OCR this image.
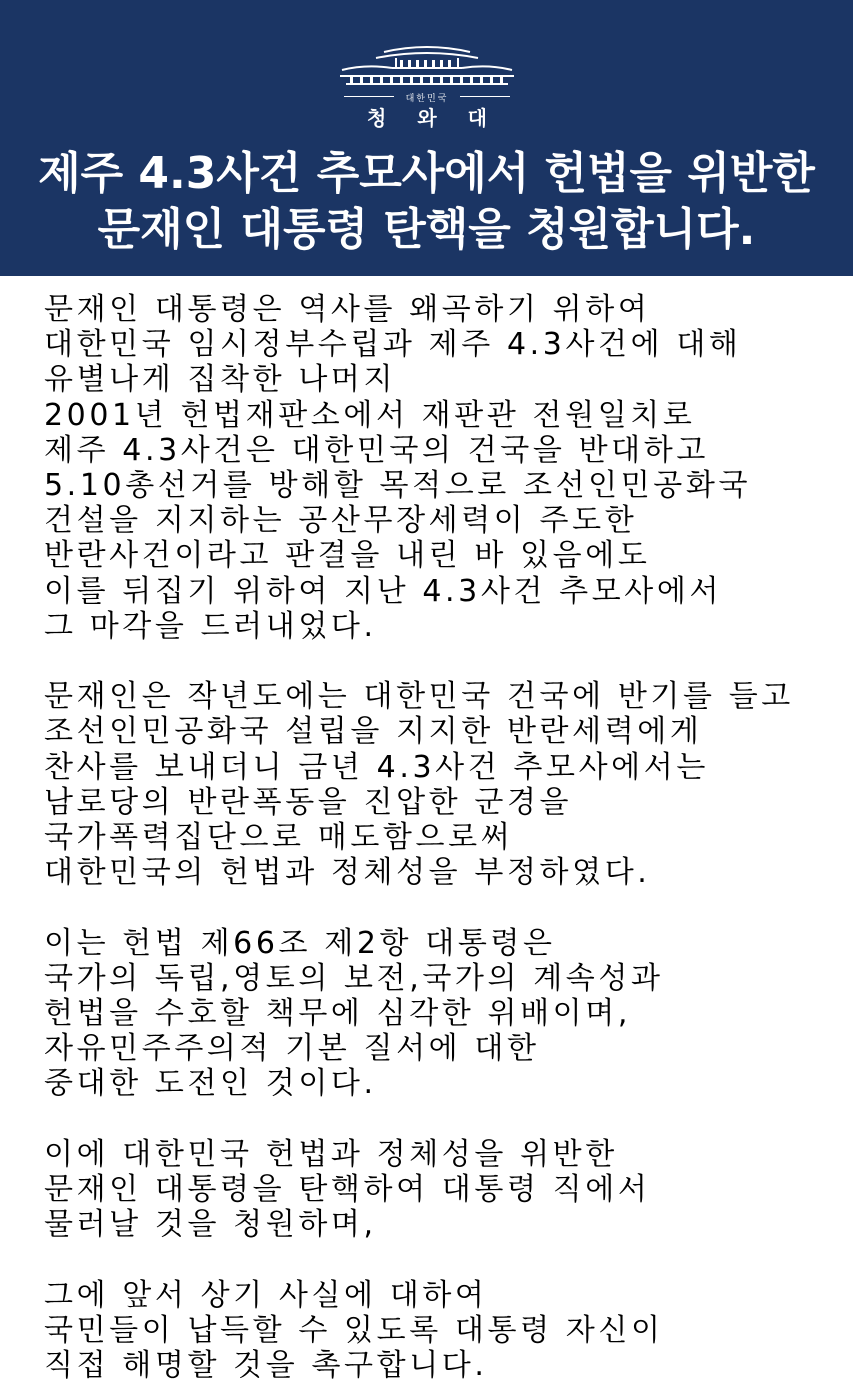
대한민국
청 와 대
제주 4.3사건 추모사에서 헌법을 위반한
문재인 대통령 탄핵을 청원합니다.
문재인 대통령은 역사를 왜곡하기 위하여
대한민국 임시정부수립과 제주 4.3사건에 대해
유별나게 집착한 나머지
2001년 헌법재판소에서 재판관 전원일치로
제주 4.3사건은 대한민국의 건국을 반대하고
5.10총선거를 방해할 목적으로 조선인민공화국
건설을 지지하는 공산무장세력이 주도한
반란사건이라고 판결을 내린 바 있음에도
이를 뒤집기 위하여 지난 4.3사건 추모사에서
그 마각을 드러내었다.
문재인은 작년도에는 대한민국 건국에 반기를 들고
조선인민공화국 설립을 지지한 반란세력에게
찬사를 보내더니 금년 4.3사건 추모사에서는
남로당의 반란폭동을 진압한 군경을
국가폭력집단으로 매도함으로써
대한민국의 헌법과 정체성을 부정하였다.
이는 헌법 제66조 제2항 대통령은
국가의 독립,영토의 보전,국가의 계속성과
헌법을 수호할 책무에 심각한 위배이며,
자유민주주의적 기본 질서에 대한
중대한 도전인 것이다.
이에 대한민국 헌법과 정체성을 위반한
문재인 대통령을 탄핵하여 대통령 직에서
물러날 것을 청원하며,
그에 앞서 상기 사실에 대하여
국민들이 납득할 수 있도록 대통령 자신이
직접 해명할 것을 촉구합니다.
